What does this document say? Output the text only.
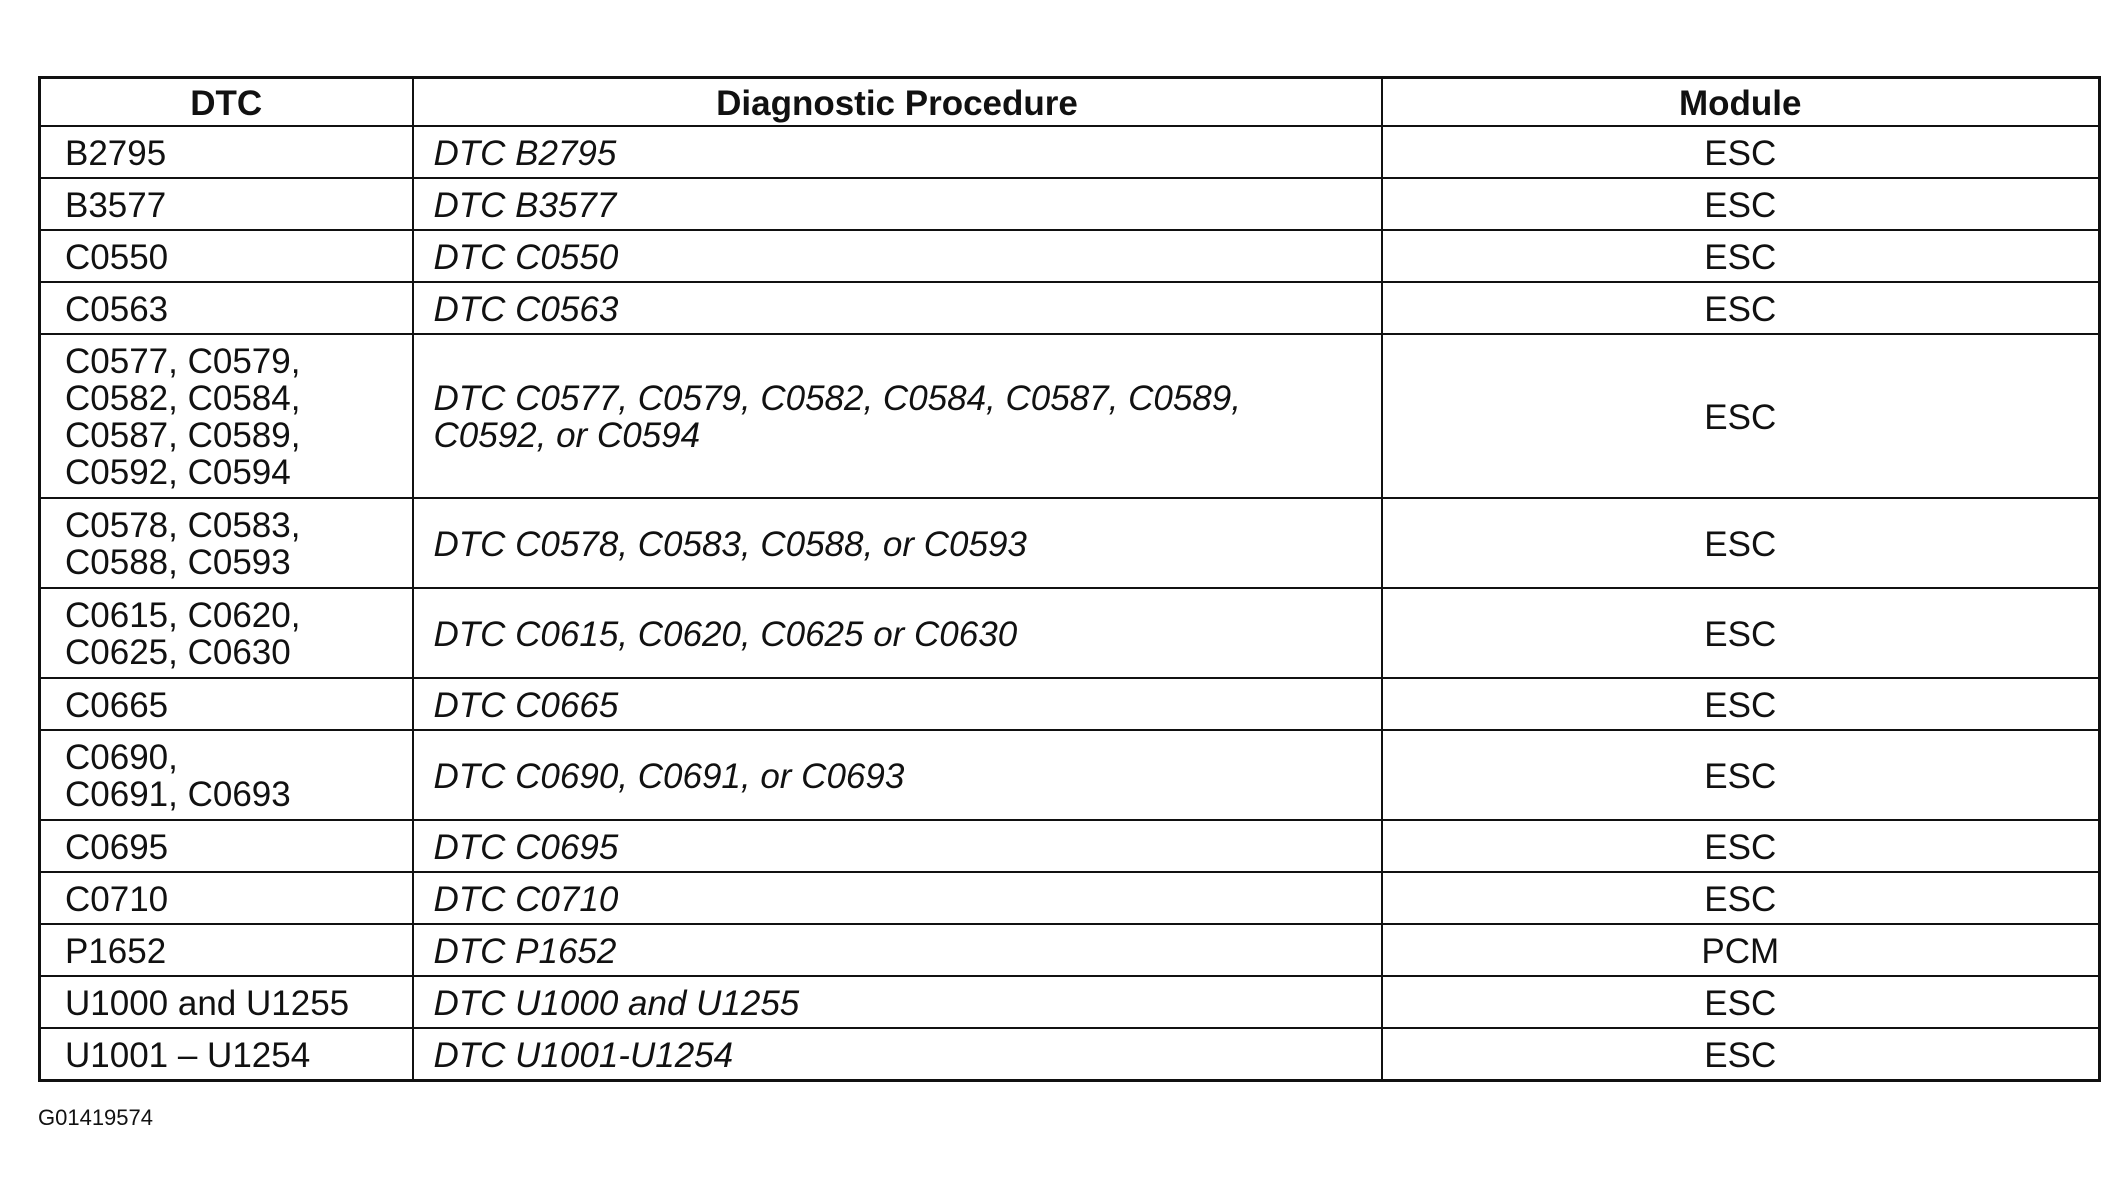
DTC	Diagnostic Procedure	Module
B2795	DTC B2795	ESC
B3577	DTC B3577	ESC
C0550	DTC C0550	ESC
C0563	DTC C0563	ESC
C0577, C0579,
C0582, C0584,
C0587, C0589,
C0592, C0594	DTC C0577, C0579, C0582, C0584, C0587, C0589, C0592, or C0594	ESC
C0578, C0583,
C0588, C0593	DTC C0578, C0583, C0588, or C0593	ESC
C0615, C0620,
C0625, C0630	DTC C0615, C0620, C0625 or C0630	ESC
C0665	DTC C0665	ESC
C0690,
C0691, C0693	DTC C0690, C0691, or C0693	ESC
C0695	DTC C0695	ESC
C0710	DTC C0710	ESC
P1652	DTC P1652	PCM
U1000 and U1255	DTC U1000 and U1255	ESC
U1001 – U1254	DTC U1001-U1254	ESC
G01419574
